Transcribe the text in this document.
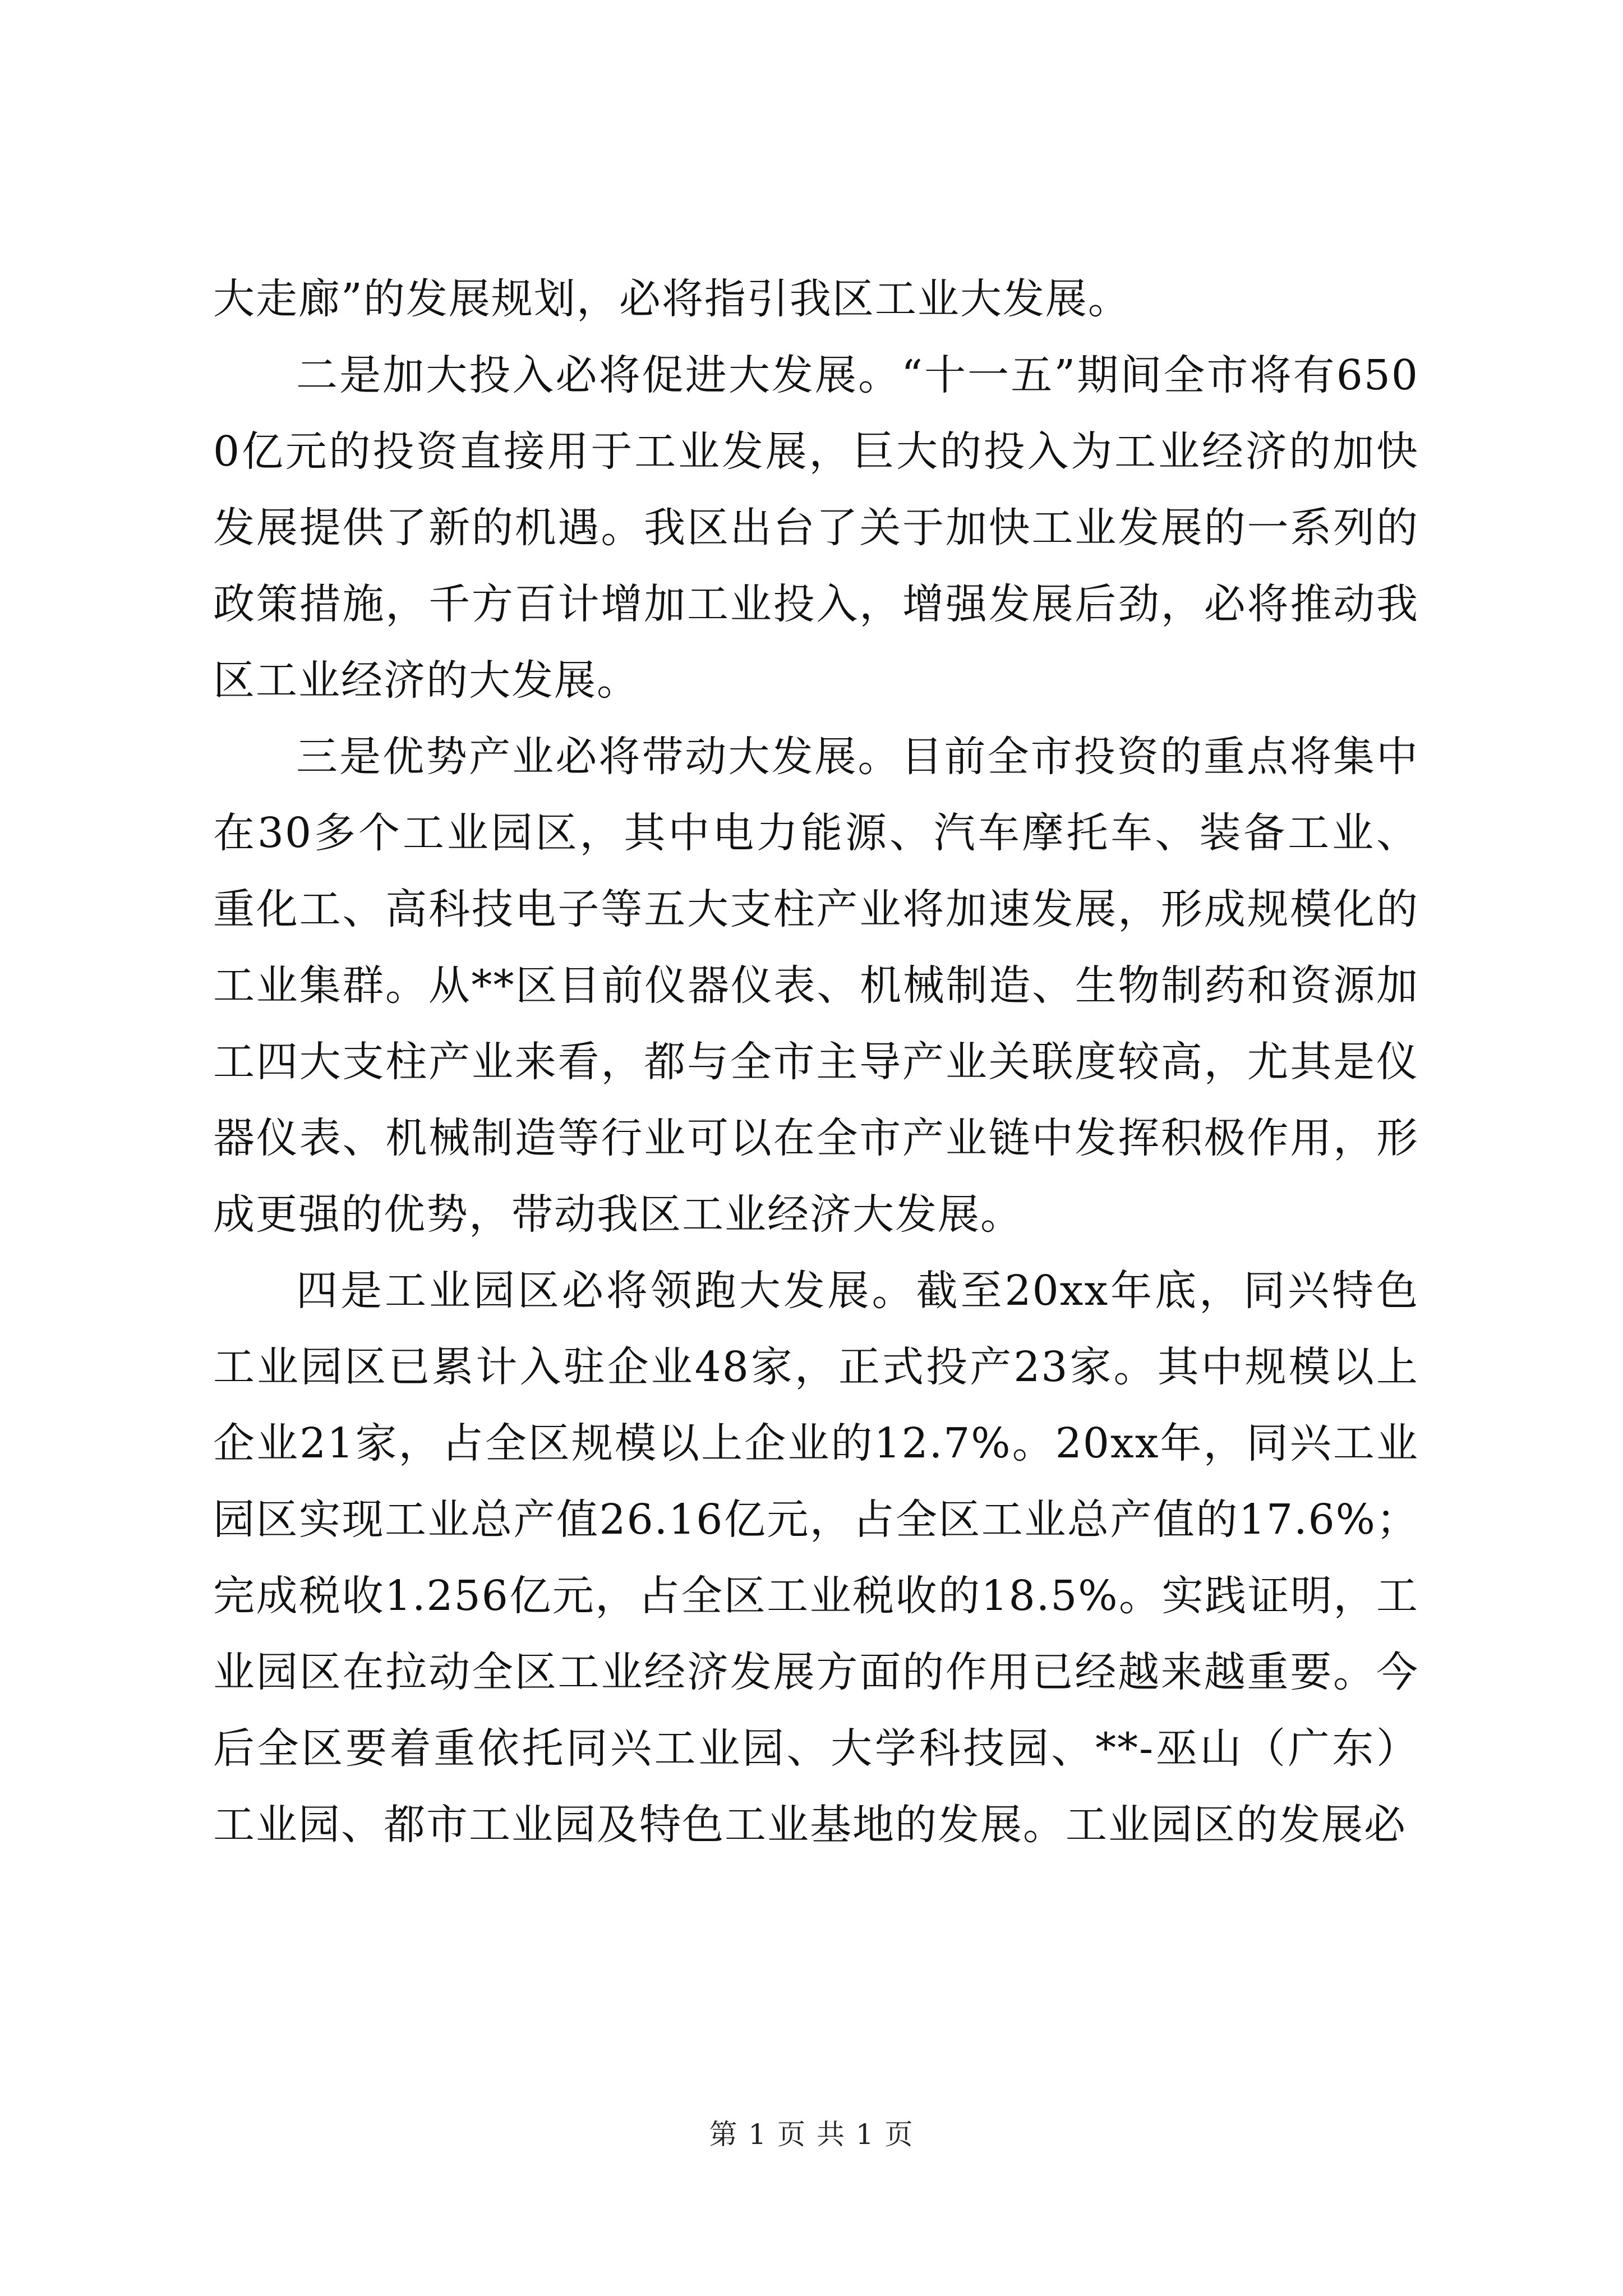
大走廊”的发展规划，必将指引我区工业大发展。

二是加大投入必将促进大发展。“十一五”期间全市将有6500亿元的投资直接用于工业发展，巨大的投入为工业经济的加快发展提供了新的机遇。我区出台了关于加快工业发展的一系列的政策措施，千方百计增加工业投入，增强发展后劲，必将推动我区工业经济的大发展。

三是优势产业必将带动大发展。目前全市投资的重点将集中在30多个工业园区，其中电力能源、汽车摩托车、装备工业、重化工、高科技电子等五大支柱产业将加速发展，形成规模化的工业集群。从**区目前仪器仪表、机械制造、生物制药和资源加工四大支柱产业来看，都与全市主导产业关联度较高，尤其是仪器仪表、机械制造等行业可以在全市产业链中发挥积极作用，形成更强的优势，带动我区工业经济大发展。

四是工业园区必将领跑大发展。截至20xx年底，同兴特色工业园区已累计入驻企业48家，正式投产23家。其中规模以上企业21家，占全区规模以上企业的12.7%。20xx年，同兴工业园区实现工业总产值26.16亿元，占全区工业总产值的17.6%；完成税收1.256亿元，占全区工业税收的18.5%。实践证明，工业园区在拉动全区工业经济发展方面的作用已经越来越重要。今后全区要着重依托同兴工业园、大学科技园、**-巫山（广东）工业园、都市工业园及特色工业基地的发展。工业园区的发展必

第 1 页 共 1 页
